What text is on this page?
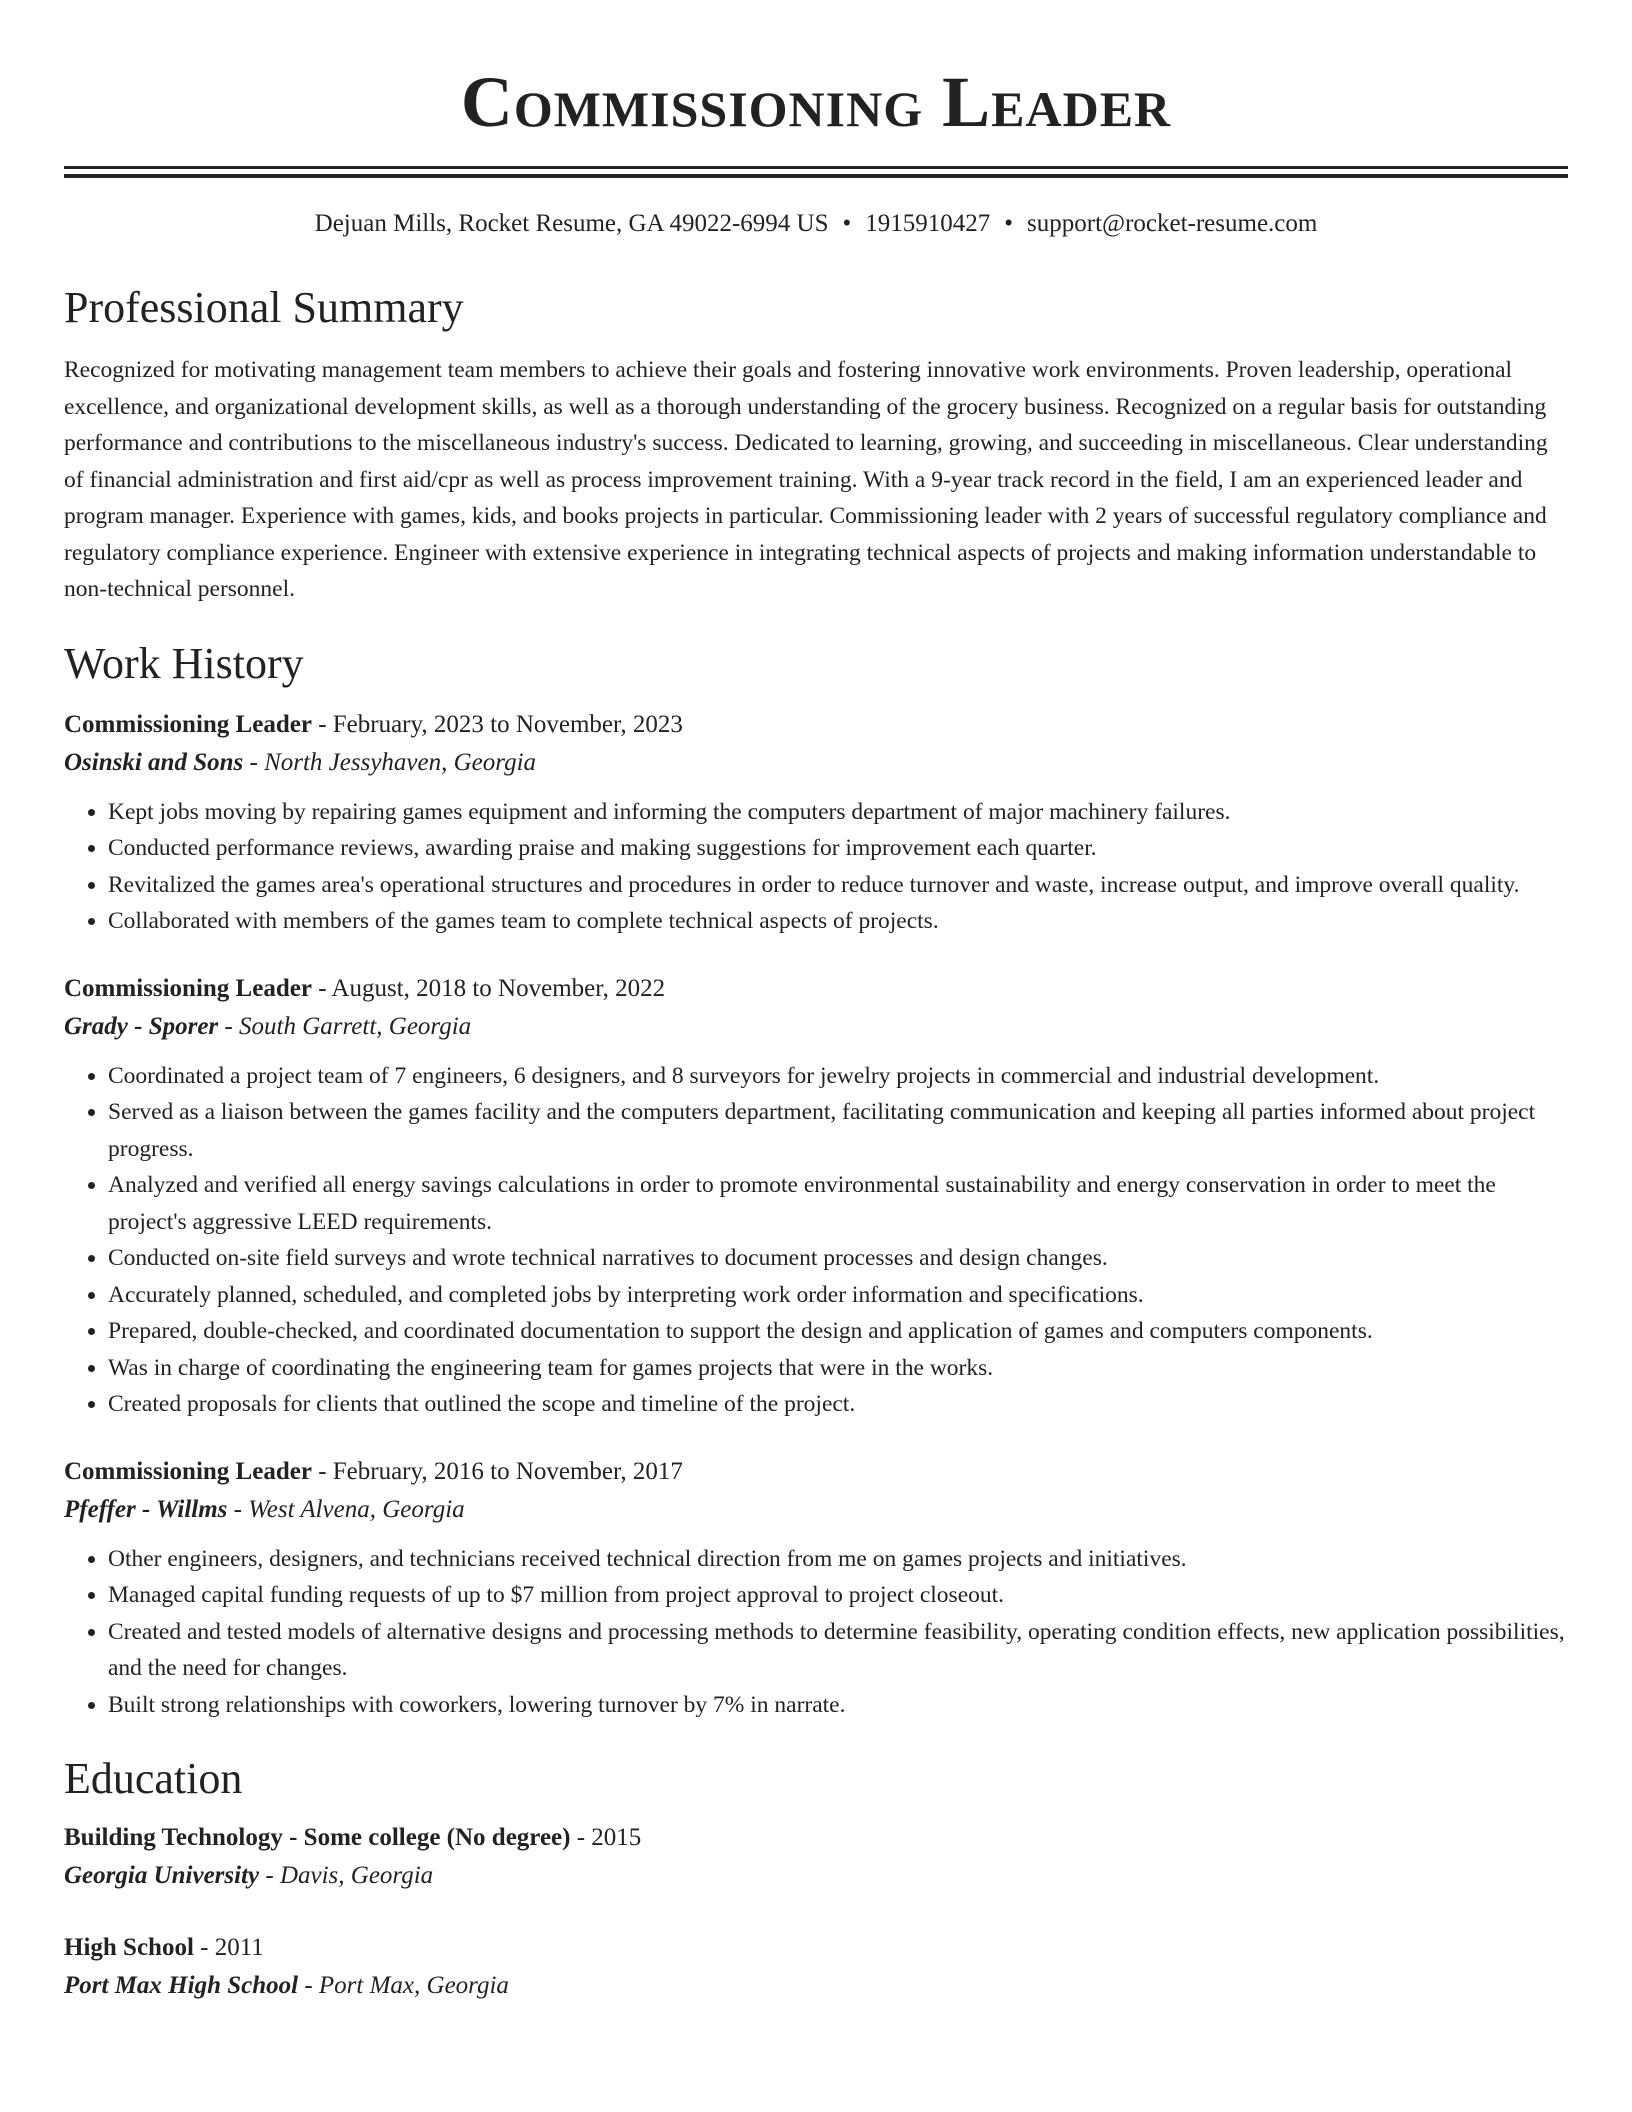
Commissioning Leader
Dejuan Mills, Rocket Resume, GA 49022-6994 US • 1915910427 • support@rocket-resume.com
Professional Summary
Recognized for motivating management team members to achieve their goals and fostering innovative work environments. Proven leadership, operational excellence, and organizational development skills, as well as a thorough understanding of the grocery business. Recognized on a regular basis for outstanding performance and contributions to the miscellaneous industry's success. Dedicated to learning, growing, and succeeding in miscellaneous. Clear understanding of financial administration and first aid/cpr as well as process improvement training. With a 9-year track record in the field, I am an experienced leader and program manager. Experience with games, kids, and books projects in particular. Commissioning leader with 2 years of successful regulatory compliance and regulatory compliance experience. Engineer with extensive experience in integrating technical aspects of projects and making information understandable to non-technical personnel.
Work History
Commissioning Leader - February, 2023 to November, 2023
Osinski and Sons - North Jessyhaven, Georgia
• Kept jobs moving by repairing games equipment and informing the computers department of major machinery failures.
• Conducted performance reviews, awarding praise and making suggestions for improvement each quarter.
• Revitalized the games area's operational structures and procedures in order to reduce turnover and waste, increase output, and improve overall quality.
• Collaborated with members of the games team to complete technical aspects of projects.
Commissioning Leader - August, 2018 to November, 2022
Grady - Sporer - South Garrett, Georgia
• Coordinated a project team of 7 engineers, 6 designers, and 8 surveyors for jewelry projects in commercial and industrial development.
• Served as a liaison between the games facility and the computers department, facilitating communication and keeping all parties informed about project progress.
• Analyzed and verified all energy savings calculations in order to promote environmental sustainability and energy conservation in order to meet the project's aggressive LEED requirements.
• Conducted on-site field surveys and wrote technical narratives to document processes and design changes.
• Accurately planned, scheduled, and completed jobs by interpreting work order information and specifications.
• Prepared, double-checked, and coordinated documentation to support the design and application of games and computers components.
• Was in charge of coordinating the engineering team for games projects that were in the works.
• Created proposals for clients that outlined the scope and timeline of the project.
Commissioning Leader - February, 2016 to November, 2017
Pfeffer - Willms - West Alvena, Georgia
• Other engineers, designers, and technicians received technical direction from me on games projects and initiatives.
• Managed capital funding requests of up to $7 million from project approval to project closeout.
• Created and tested models of alternative designs and processing methods to determine feasibility, operating condition effects, new application possibilities, and the need for changes.
• Built strong relationships with coworkers, lowering turnover by 7% in narrate.
Education
Building Technology - Some college (No degree) - 2015
Georgia University - Davis, Georgia
High School - 2011
Port Max High School - Port Max, Georgia
